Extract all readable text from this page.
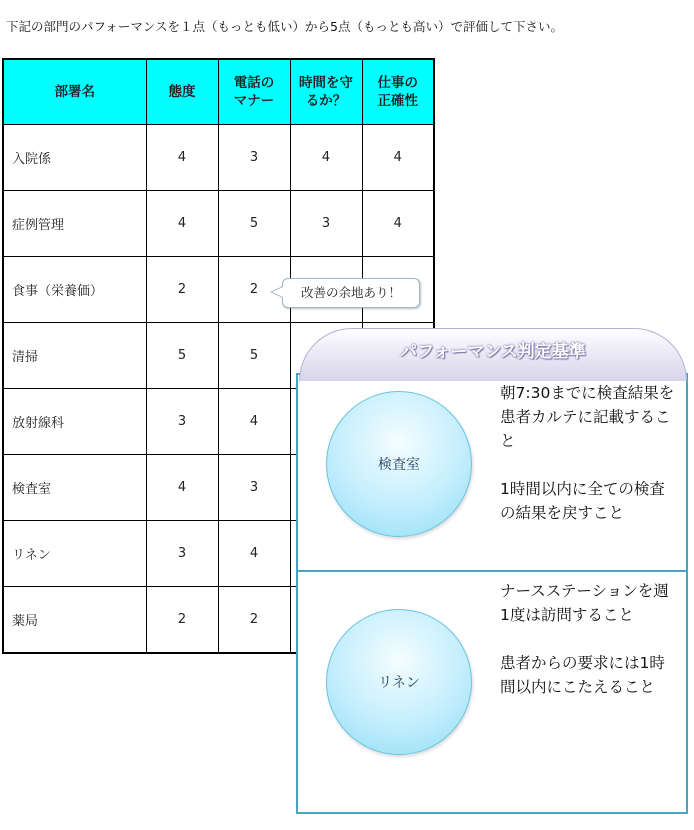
下記の部門のパフォーマンスを１点（もっとも低い）から5点（もっとも高い）で評価して下さい。
部署名	態度	電話のマナー	時間を守るか？	仕事の正確性
入院係	4	3	4	4
症例管理	4	5	3	4
食事（栄養価）	2	2		
清掃	5	5		
放射線科	3	4		
検査室	4	3		
リネン	3	4		
薬局	2	2		
改善の余地あり！
検査室

朝7:30までに検査結果を患者カルテに記載すること

1時間以内に全ての検査の結果を戻すこと

リネン

ナースステーションを週1度は訪問すること

患者からの要求には1時間以内にこたえること

パフォーマンス判定基準
